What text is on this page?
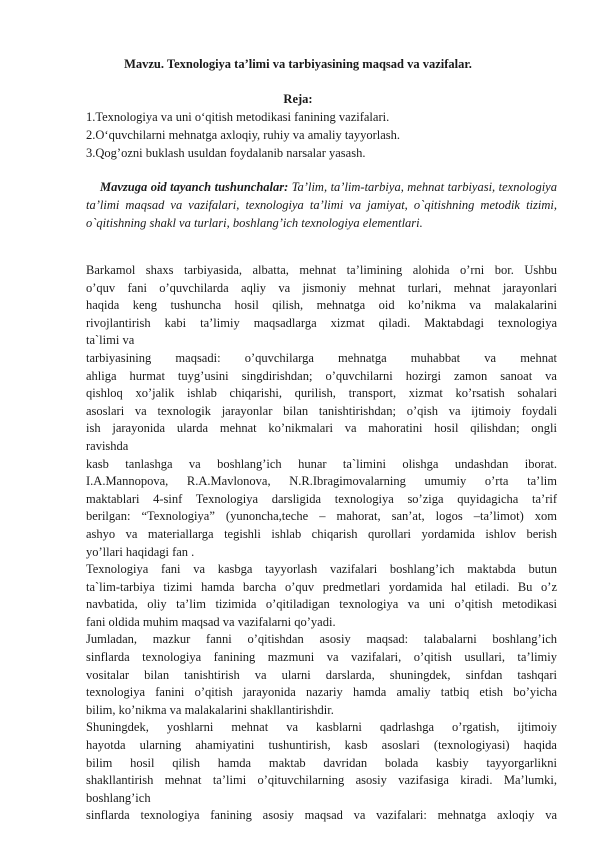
Mavzu. Texnologiya ta’limi va tarbiyasining maqsad va vazifalar.
Reja:
1.Texnologiya va uni oʻqitish metodikasi fanining vazifalari.
2.Oʻquvchilarni mehnatga axloqiy, ruhiy va amaliy tayyorlash.
3.Qog’ozni buklash usuldan foydalanib narsalar yasash.
Mavzuga oid tayanch tushunchalar: Ta’lim, ta’lim-tarbiya, mehnat tarbiyasi, texnologiya ta’limi maqsad va vazifalari, texnologiya ta’limi va jamiyat, o`qitishning metodik tizimi, o`qitishning shakl va turlari, boshlang’ich texnologiya elementlari.
Barkamol shaxs tarbiyasida, albatta, mehnat ta’limining alohida o’rni bor. Ushbu
o’quv fani o’quvchilarda aqliy va jismoniy mehnat turlari, mehnat jarayonlari
haqida keng tushuncha hosil qilish, mehnatga oid ko’nikma va malakalarini
rivojlantirish kabi ta’limiy maqsadlarga xizmat qiladi. Maktabdagi texnologiya
ta`limi va
tarbiyasining maqsadi: o’quvchilarga mehnatga muhabbat va mehnat
ahliga hurmat tuyg’usini singdirishdan; o’quvchilarni hozirgi zamon sanoat va
qishloq xo’jalik ishlab chiqarishi, qurilish, transport, xizmat ko’rsatish sohalari
asoslari va texnologik jarayonlar bilan tanishtirishdan; o’qish va ijtimoiy foydali
ish jarayonida ularda mehnat ko’nikmalari va mahoratini hosil qilishdan; ongli
ravishda
kasb tanlashga va boshlang’ich hunar ta`limini olishga undashdan iborat.
I.A.Mannopova, R.A.Mavlonova, N.R.Ibragimovalarning umumiy o’rta ta’lim
maktablari 4-sinf Texnologiya darsligida texnologiya so’ziga quyidagicha ta’rif
berilgan: “Texnologiya” (yunoncha,teche – mahorat, san’at, logos –ta’limot) xom
ashyo va materiallarga tegishli ishlab chiqarish qurollari yordamida ishlov berish
yo’llari haqidagi fan .
Texnologiya fani va kasbga tayyorlash vazifalari boshlang’ich maktabda butun
ta`lim-tarbiya tizimi hamda barcha o’quv predmetlari yordamida hal etiladi. Bu o’z
navbatida, oliy ta’lim tizimida o’qitiladigan texnologiya va uni o’qitish metodikasi
fani oldida muhim maqsad va vazifalarni qo’yadi.
Jumladan, mazkur fanni o’qitishdan asosiy maqsad: talabalarni boshlang’ich
sinflarda texnologiya fanining mazmuni va vazifalari, o’qitish usullari, ta’limiy
vositalar bilan tanishtirish va ularni darslarda, shuningdek, sinfdan tashqari
texnologiya fanini o’qitish jarayonida nazariy hamda amaliy tatbiq etish bo’yicha
bilim, ko’nikma va malakalarini shakllantirishdir.
Shuningdek, yoshlarni mehnat va kasblarni qadrlashga o’rgatish, ijtimoiy
hayotda ularning ahamiyatini tushuntirish, kasb asoslari (texnologiyasi) haqida
bilim hosil qilish hamda maktab davridan bolada kasbiy tayyorgarlikni
shakllantirish mehnat ta’limi o’qituvchilarning asosiy vazifasiga kiradi. Ma’lumki,
boshlang’ich
sinflarda texnologiya fanining asosiy maqsad va vazifalari: mehnatga axloqiy va
